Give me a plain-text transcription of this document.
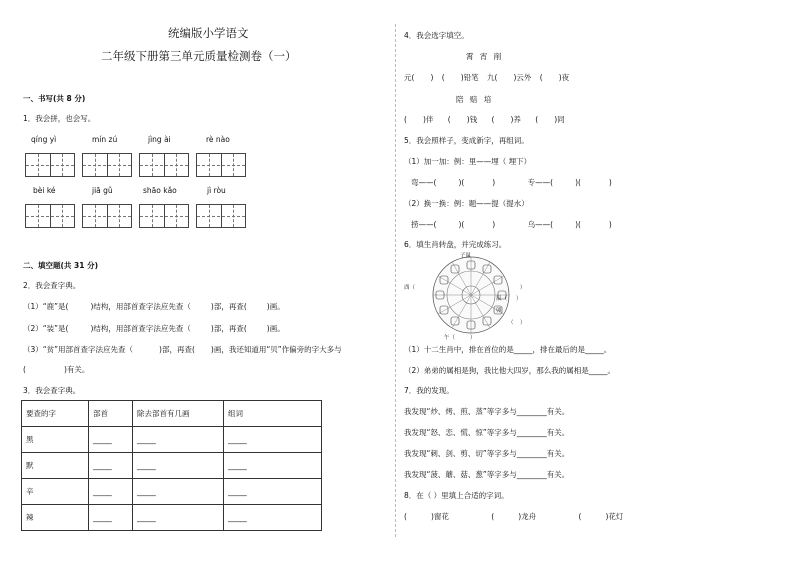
统编版小学语文
二年级下册第三单元质量检测卷（一）
一、书写(共 8 分)
1．我会拼，也会写。
qíng yì	mín zú	jìng ài	rè nào
bèi ké	jiā gǔ	shāo kǎo	jì ròu
二、填空题(共 31 分)
2．我会查字典。
（1）“鹿”是(	)结构，用部首查字法应先查（	)部，再查(	)画。
（2）“装”是(	)结构，用部首查字法应先查（	)部，再查(	)画。
（3）“贫”用部首查字法应先查（	)部，再查( )画，我还知道用“贝”作偏旁的字大多与
(	)有关。
3．我会查字典。
要查的字	部首	除去部首有几画	组词
黑	_____	_____	_____
默	_____	_____	_____
辛	_____	_____	_____
辣	_____	_____	_____
4．我会选字填空。
霄 宵 削
元( ) ( )铅笔 九( )云外 ( )夜
陪 赔 培
( )伴 ( )钱 ( )养 ( )同
5．我会照样子，变成新字，再组词。
（1）加一加：例：里——埋（ 埋下）
弯——(	)(	)	专——(	)(	)
（2）换一换：例：题——提（提水）
捞——(	)(	)	乌——(	)(	)
6．填生肖转盘，并完成练习。
子鼠
酉（	）
卯
（ ）
辰（ ）
午（	）
（1）十二生肖中，排在首位的是_____，排在最后的是_____。
（2）弟弟的属相是狗，我比他大四岁，那么我的属相是_____。
7．我的发现。
我发现“炒、烤、煎、蒸”等字多与________有关。
我发现“怒、恋、慌、惊”等字多与________有关。
我发现“刺、剑、剪、切”等字多与________有关。
我发现“菠、蘑、菇、葱”等字多与________有关。
8．在（ ）里填上合适的字词。
(	)窗花	(	)龙舟	(	)花灯
